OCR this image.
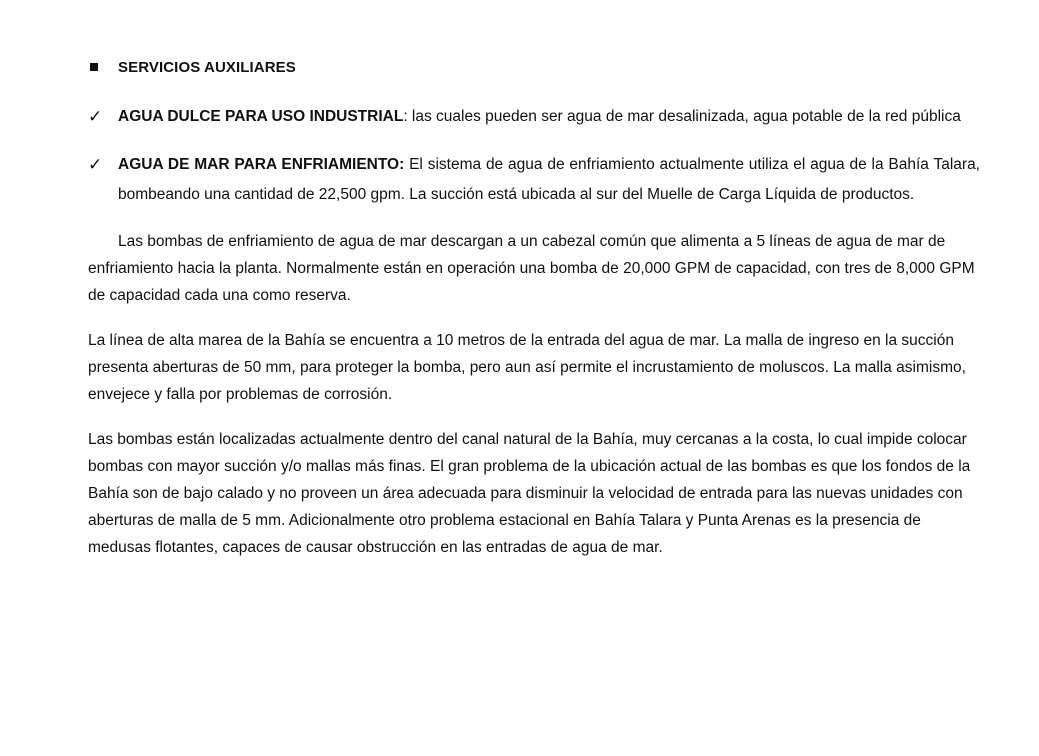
SERVICIOS AUXILIARES
✓	AGUA DULCE PARA USO INDUSTRIAL: las cuales pueden ser agua de mar desalinizada, agua potable de la red pública
✓	AGUA DE MAR PARA ENFRIAMIENTO: El sistema de agua de enfriamiento actualmente utiliza el agua de la Bahía Talara, bombeando una cantidad de 22,500 gpm. La succión está ubicada al sur del Muelle de Carga Líquida de productos.

Las bombas de enfriamiento de agua de mar descargan a un cabezal común que alimenta a 5 líneas de agua de mar de enfriamiento hacia la planta. Normalmente están en operación una bomba de 20,000 GPM de capacidad, con tres de 8,000 GPM de capacidad cada una como reserva.

La línea de alta marea de la Bahía se encuentra a 10 metros de la entrada del agua de mar. La malla de ingreso en la succión presenta aberturas de 50 mm, para proteger la bomba, pero aun así permite el incrustamiento de moluscos. La malla asimismo, envejece y falla por problemas de corrosión.

Las bombas están localizadas actualmente dentro del canal natural de la Bahía, muy cercanas a la costa, lo cual impide colocar bombas con mayor succión y/o mallas más finas. El gran problema de la ubicación actual de las bombas es que los fondos de la Bahía son de bajo calado y no proveen un área adecuada para disminuir la velocidad de entrada para las nuevas unidades con aberturas de malla de 5 mm. Adicionalmente otro problema estacional en Bahía Talara y Punta Arenas es la presencia de medusas flotantes, capaces de causar obstrucción en las entradas de agua de mar.
